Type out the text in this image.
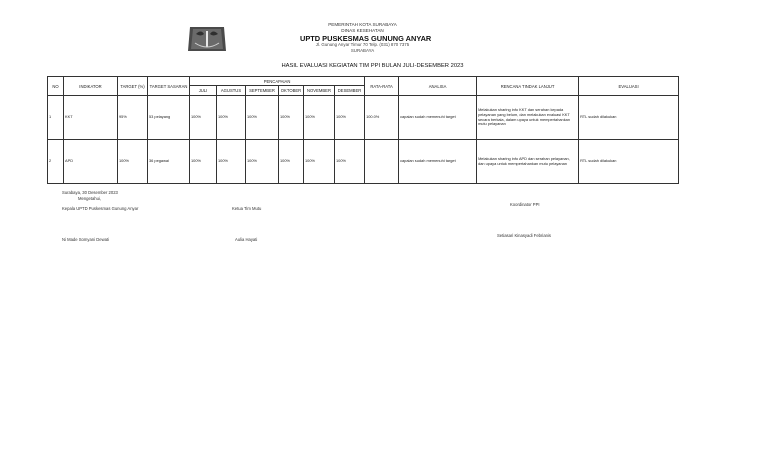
PEMERINTAH KOTA SURABAYA
DINAS KESEHATAN
UPTD PUSKESMAS GUNUNG ANYAR
Jl. Gunung Anyar Timur 70 Telp. (031) 870 7375
SURABAYA
HASIL EVALUASI KEGIATAN TIM PPI BULAN JULI-DESEMBER 2023
NO	INDIKATOR	TARGET (%)	TARGET SASARAN	PENCAPAIAN						RATA-RATA	ANALISA	RENCANA TINDAK LANJUT	EVALUASI
				JULI	AGUSTUS	SEPTEMBER	OKTOBER	NOVEMBER	DESEMBER				
1	KKT	95%	53 pelayang	100%	100%	100%	100%	100%	100%	100.0%	capaian sudah memenuhi target	Melakukan sharing info KKT dan serahan kepada pelayanan yang belum, dan melakukan evaluasi KKT secara berkala, dalam upaya untuk mempertahankan mutu pelayanan	RTL sudah dilakukan
2	APD	100%	36 pegawai	100%	100%	100%	100%	100%	100%		capaian sudah memenuhi target	Melakukan sharing info APD dan serahan pelayanan, dan upaya untuk mempertahankan mutu pelayanan	RTL sudah dilakukan
Surabaya, 30 Desember 2023
Mengetahui,
Kepala UPTD Puskesmas Gunung Anyar	Ketua Tim Mutu
Koordinator PPI
Setiasari Kinasyadi Febrianis
Ni Made Somyani Dewati	Aulia Hayati
